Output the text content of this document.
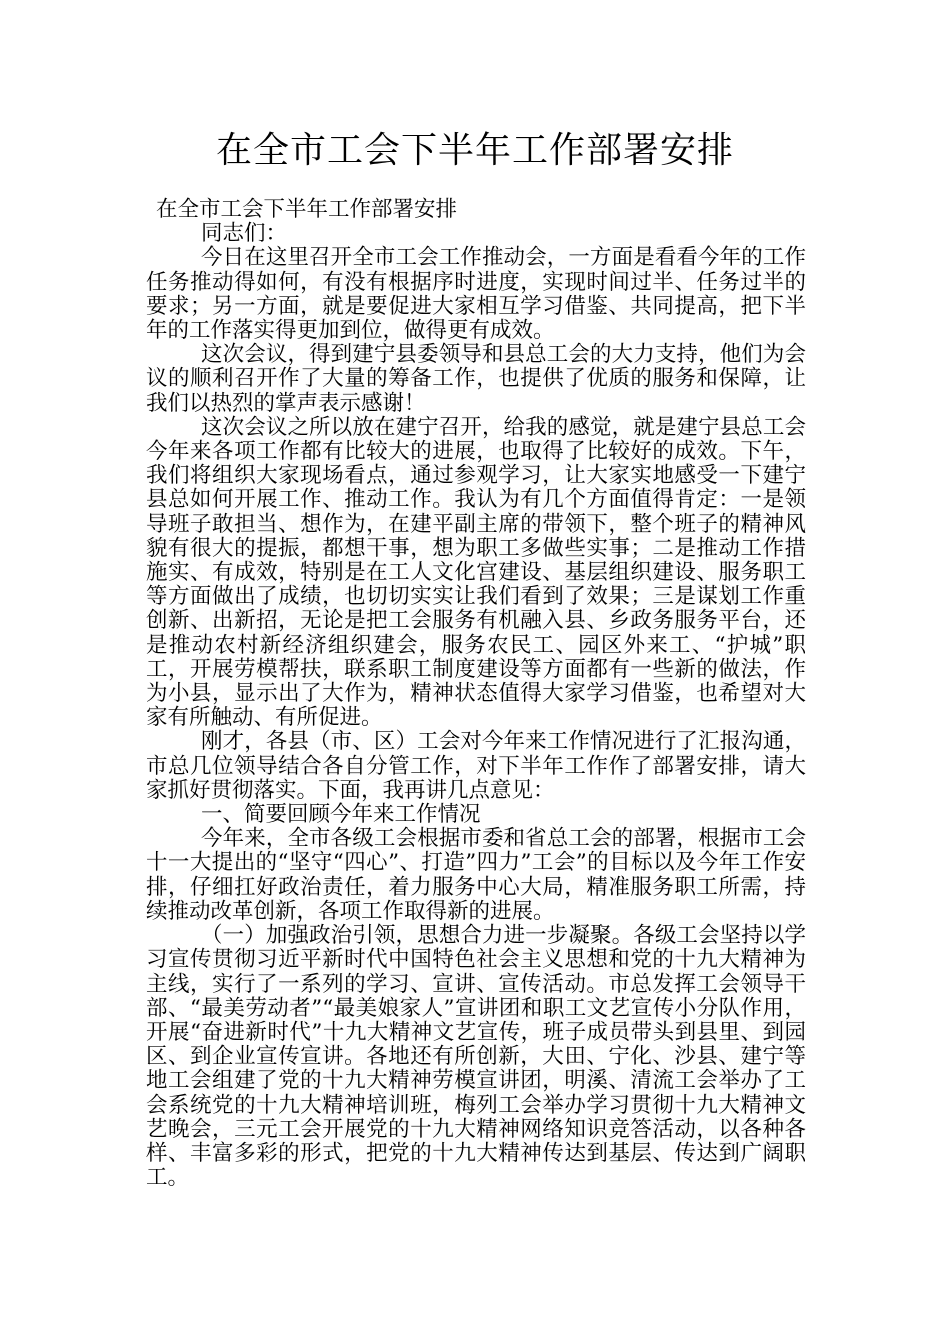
在全市工会下半年工作部署安排

在全市工会下半年工作部署安排

同志们：

今日在这里召开全市工会工作推动会，一方面是看看今年的工作任务推动得如何，有没有根据序时进度，实现时间过半、任务过半的要求；另一方面，就是要促进大家相互学习借鉴、共同提高，把下半年的工作落实得更加到位，做得更有成效。

这次会议，得到建宁县委领导和县总工会的大力支持，他们为会议的顺利召开作了大量的筹备工作，也提供了优质的服务和保障，让我们以热烈的掌声表示感谢！

这次会议之所以放在建宁召开，给我的感觉，就是建宁县总工会今年来各项工作都有比较大的进展，也取得了比较好的成效。下午，我们将组织大家现场看点，通过参观学习，让大家实地感受一下建宁县总如何开展工作、推动工作。我认为有几个方面值得肯定：一是领导班子敢担当、想作为，在建平副主席的带领下，整个班子的精神风貌有很大的提振，都想干事，想为职工多做些实事；二是推动工作措施实、有成效，特别是在工人文化宫建设、基层组织建设、服务职工等方面做出了成绩，也切切实实让我们看到了效果；三是谋划工作重创新、出新招，无论是把工会服务有机融入县、乡政务服务平台，还是推动农村新经济组织建会，服务农民工、园区外来工、“护城”职工，开展劳模帮扶，联系职工制度建设等方面都有一些新的做法，作为小县，显示出了大作为，精神状态值得大家学习借鉴，也希望对大家有所触动、有所促进。

刚才，各县（市、区）工会对今年来工作情况进行了汇报沟通，市总几位领导结合各自分管工作，对下半年工作作了部署安排，请大家抓好贯彻落实。下面，我再讲几点意见：

一、简要回顾今年来工作情况

今年来，全市各级工会根据市委和省总工会的部署，根据市工会十一大提出的“坚守“四心”、打造”四力”工会”的目标以及今年工作安排，仔细扛好政治责任，着力服务中心大局，精准服务职工所需，持续推动改革创新，各项工作取得新的进展。

（一）加强政治引领，思想合力进一步凝聚。各级工会坚持以学习宣传贯彻习近平新时代中国特色社会主义思想和党的十九大精神为主线，实行了一系列的学习、宣讲、宣传活动。市总发挥工会领导干部、“最美劳动者”“最美娘家人”宣讲团和职工文艺宣传小分队作用，开展“奋进新时代”十九大精神文艺宣传，班子成员带头到县里、到园区、到企业宣传宣讲。各地还有所创新，大田、宁化、沙县、建宁等地工会组建了党的十九大精神劳模宣讲团，明溪、清流工会举办了工会系统党的十九大精神培训班，梅列工会举办学习贯彻十九大精神文艺晚会，三元工会开展党的十九大精神网络知识竞答活动，以各种各样、丰富多彩的形式，把党的十九大精神传达到基层、传达到广阔职工。
